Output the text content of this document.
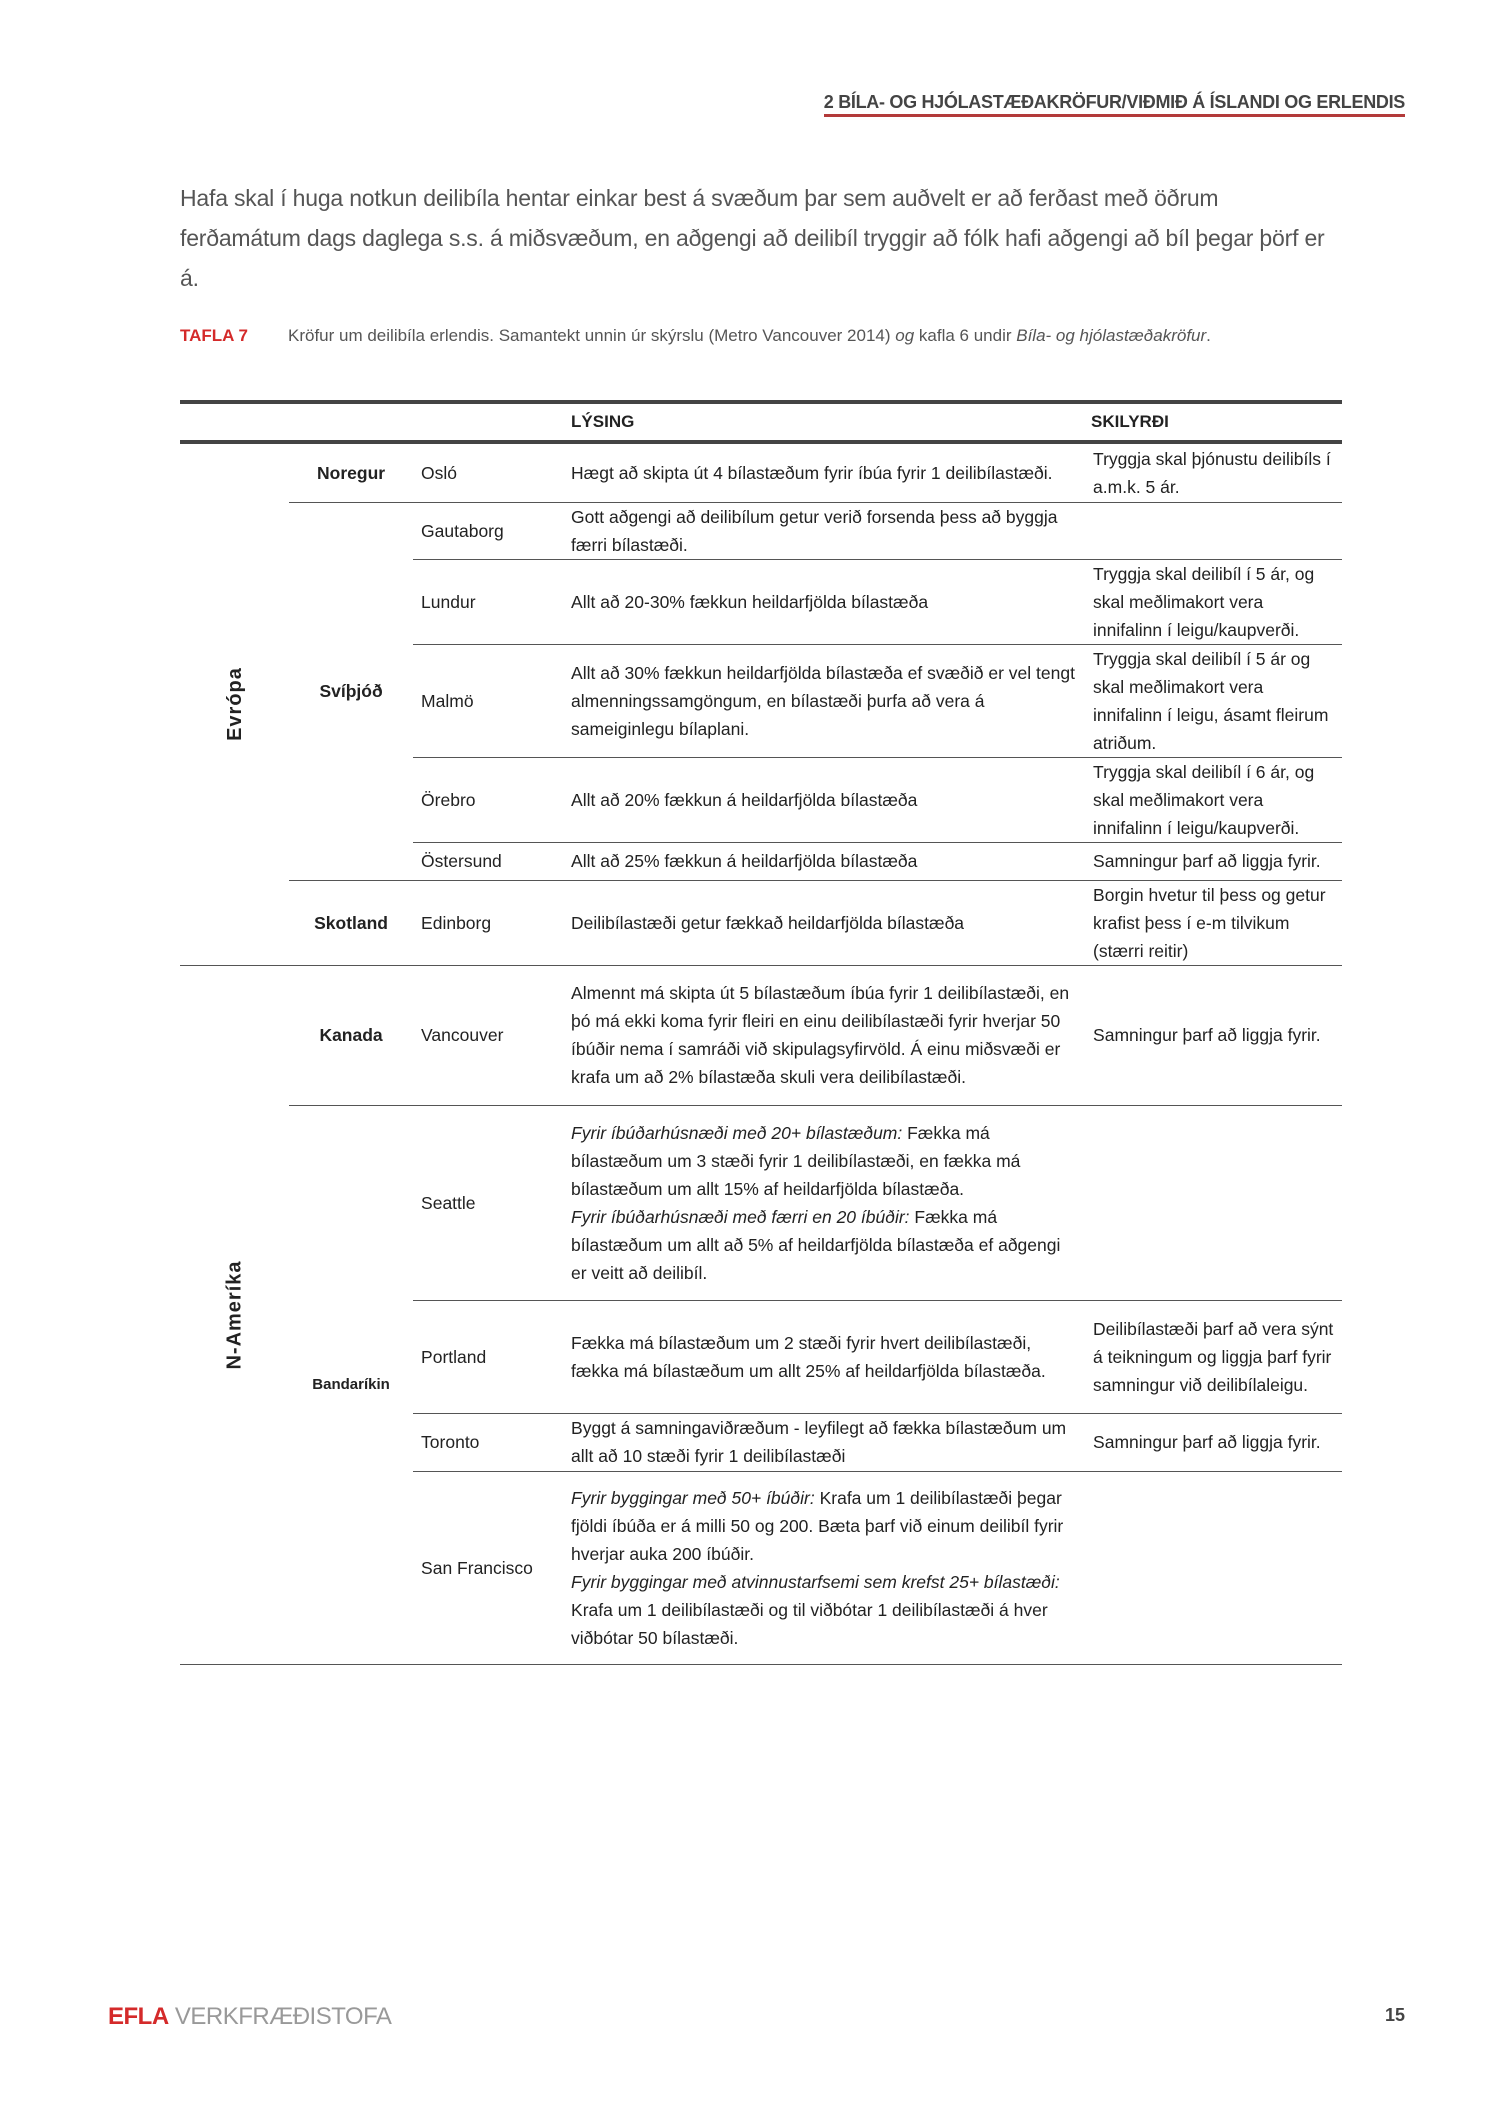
2 BÍLA- OG HJÓLASTÆÐAKRÖFUR/VIÐMIÐ Á ÍSLANDI OG ERLENDIS

Hafa skal í huga notkun deilibíla hentar einkar best á svæðum þar sem auðvelt er að ferðast með öðrum ferðamátum dags daglega s.s. á miðsvæðum, en aðgengi að deilibíl tryggir að fólk hafi aðgengi að bíl þegar þörf er á.

TAFLA 7 Kröfur um deilibíla erlendis. Samantekt unnin úr skýrslu (Metro Vancouver 2014) og kafla 6 undir Bíla- og hjólastæðakröfur.
			LÝSING	SKILYRÐI
Evrópa	Noregur	Osló	Hægt að skipta út 4 bílastæðum fyrir íbúa fyrir 1 deilibílastæði.	Tryggja skal þjónustu deilibíls í a.m.k. 5 ár.
	Svíþjóð	Gautaborg	Gott aðgengi að deilibílum getur verið forsenda þess að byggja færri bílastæði.	
		Lundur	Allt að 20-30% fækkun heildarfjölda bílastæða	Tryggja skal deilibíl í 5 ár, og skal meðlimakort vera innifalinn í leigu/kaupverði.
		Malmö	Allt að 30% fækkun heildarfjölda bílastæða ef svæðið er vel tengt almenningssamgöngum, en bílastæði þurfa að vera á sameiginlegu bílaplani.	Tryggja skal deilibíl í 5 ár og skal meðlimakort vera innifalinn í leigu, ásamt fleirum atriðum.
		Örebro	Allt að 20% fækkun á heildarfjölda bílastæða	Tryggja skal deilibíl í 6 ár, og skal meðlimakort vera innifalinn í leigu/kaupverði.
		Östersund	Allt að 25% fækkun á heildarfjölda bílastæða	Samningur þarf að liggja fyrir.
	Skotland	Edinborg	Deilibílastæði getur fækkað heildarfjölda bílastæða	Borgin hvetur til þess og getur krafist þess í e-m tilvikum (stærri reitir)
N-Ameríka	Kanada	Vancouver	Almennt má skipta út 5 bílastæðum íbúa fyrir 1 deilibílastæði, en þó má ekki koma fyrir fleiri en einu deilibílastæði fyrir hverjar 50 íbúðir nema í samráði við skipulagsyfirvöld. Á einu miðsvæði er krafa um að 2% bílastæða skuli vera deilibílastæði.	Samningur þarf að liggja fyrir.
	Bandaríkin	Seattle	Fyrir íbúðarhúsnæði með 20+ bílastæðum: Fækka má bílastæðum um 3 stæði fyrir 1 deilibílastæði, en fækka má bílastæðum um allt 15% af heildarfjölda bílastæða.
Fyrir íbúðarhúsnæði með færri en 20 íbúðir: Fækka má bílastæðum um allt að 5% af heildarfjölda bílastæða ef aðgengi er veitt að deilibíl.	
		Portland	Fækka má bílastæðum um 2 stæði fyrir hvert deilibílastæði, fækka má bílastæðum um allt 25% af heildarfjölda bílastæða.	Deilibílastæði þarf að vera sýnt á teikningum og liggja þarf fyrir samningur við deilibílaleigu.
		Toronto	Byggt á samningaviðræðum - leyfilegt að fækka bílastæðum um allt að 10 stæði fyrir 1 deilibílastæði	Samningur þarf að liggja fyrir.
		San Francisco	Fyrir byggingar með 50+ íbúðir: Krafa um 1 deilibílastæði þegar fjöldi íbúða er á milli 50 og 200. Bæta þarf við einum deilibíl fyrir hverjar auka 200 íbúðir.
Fyrir byggingar með atvinnustarfsemi sem krefst 25+ bílastæði: Krafa um 1 deilibílastæði og til viðbótar 1 deilibílastæði á hver viðbótar 50 bílastæði.	
EFLA VERKFRÆÐISTOFA	15
